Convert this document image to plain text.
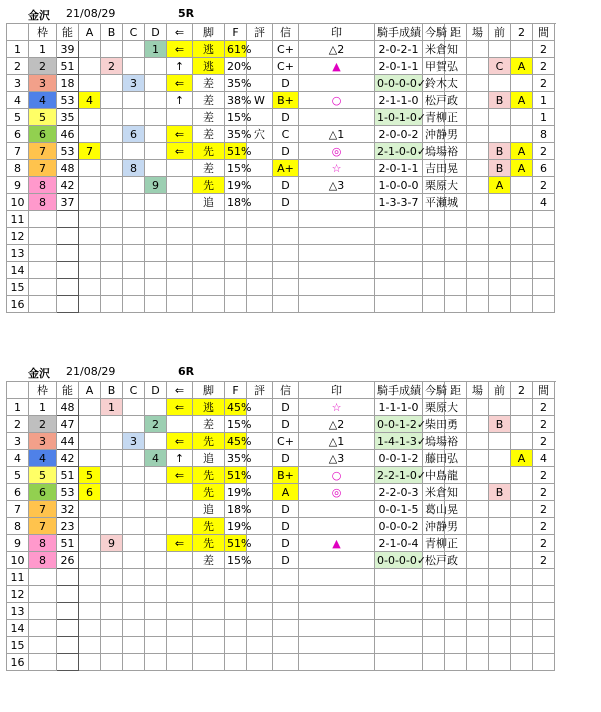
金沢 21/08/29	5R
	枠	能	A	B	C	D	⇐	脚	F	評	信	印	騎手成績	今騎	距	場	前	2	間	
1	1	39				1	⇐	逃	61%		C+	△2	2-0-2-1	米倉知					2	
2	2	51		2			↑	逃	20%		C+	▲	2-0-1-1	甲賀弘			C	A	2	
3	3	18			3		⇐	差	35%		D		0-0-0-0✓	鈴木太					2	
4	4	53	4				↑	差	38%	W	B+	○	2-1-1-0	松戸政			B	A	1	
5	5	35						差	15%		D		1-0-1-0✓	青柳正					1	
6	6	46			6		⇐	差	35%	穴	C	△1	2-0-0-2	沖静男					8	
7	7	53	7				⇐	先	51%		D	◎	2-1-0-0✓	塢場裕			B	A	2	
8	7	48			8			差	15%		A+	☆	2-0-1-1	吉田晃			B	A	6	
9	8	42				9		先	19%		D	△3	1-0-0-0	栗原大			A		2	
10	8	37						追	18%		D		1-3-3-7	平瀬城					4	
11																				
12																				
13																				
14																				
15																				
16																				
金沢 21/08/29	6R
	枠	能	A	B	C	D	⇐	脚	F	評	信	印	騎手成績	今騎	距	場	前	2	間	
1	1	48		1			⇐	逃	45%		D	☆	1-1-1-0	栗原大					2	
2	2	47				2		差	15%		D	△2	0-0-1-2✓	柴田勇			B		2	
3	3	44			3		⇐	先	45%		C+	△1	1-4-1-3✓	塢場裕					2	
4	4	42				4	↑	追	35%		D	△3	0-0-1-2	藤田弘				A	4	
5	5	51	5				⇐	先	51%		B+	○	2-2-1-0✓	中島龍					2	
6	6	53	6					先	19%		A	◎	2-2-0-3	米倉知			B		2	
7	7	32						追	18%		D		0-0-1-5	葛山晃					2	
8	7	23						先	19%		D		0-0-0-2	沖静男					2	
9	8	51		9			⇐	先	51%		D	▲	2-1-0-4	青柳正					2	
10	8	26						差	15%		D		0-0-0-0✓	松戸政					2	
11																				
12																				
13																				
14																				
15																				
16																				
